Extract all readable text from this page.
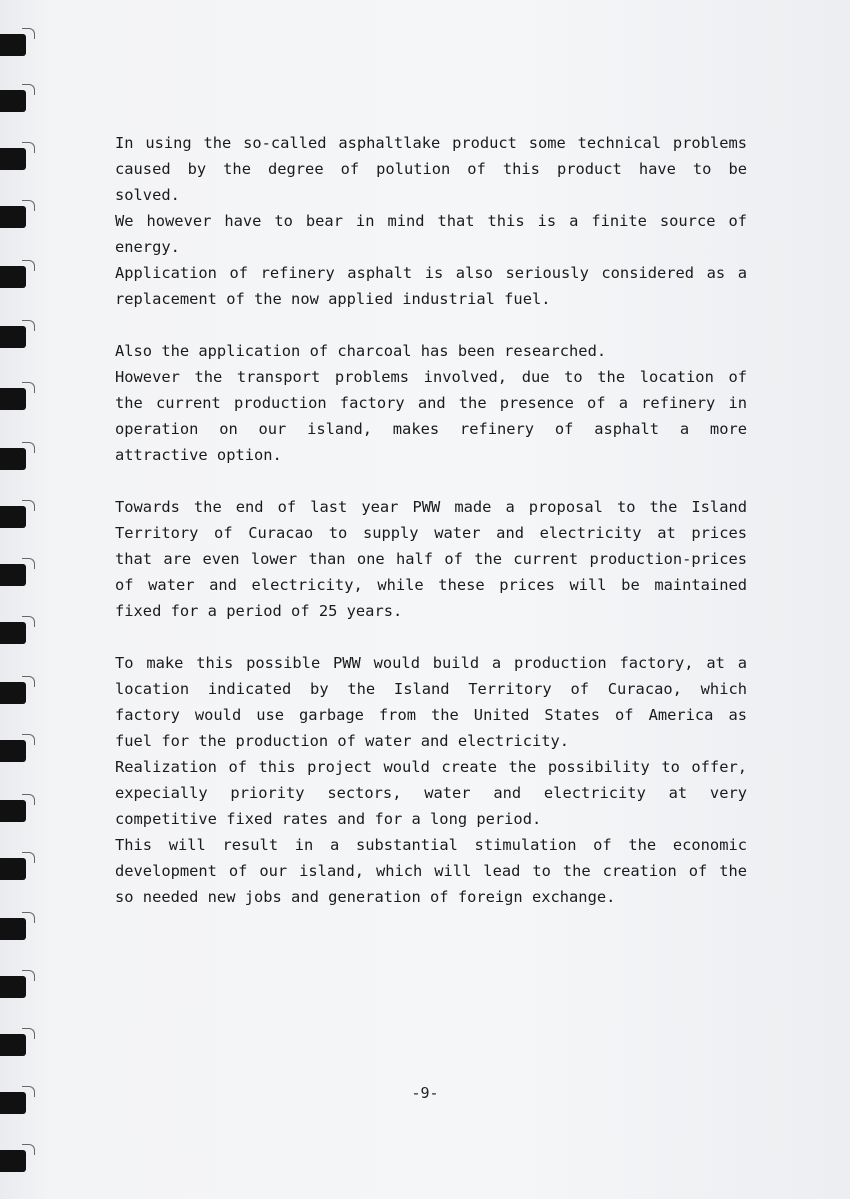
In using the so-called asphaltlake product some technical problems
caused by the degree of polution of this product have to be
solved.
We however have to bear in mind that this is a finite source of
energy.
Application of refinery asphalt is also seriously considered as a
replacement of the now applied industrial fuel.
Also the application of charcoal has been researched.
However the transport problems involved, due to the location of
the current production factory and the presence of a refinery in
operation on our island, makes refinery of asphalt a more
attractive option.
Towards the end of last year PWW made a proposal to the Island
Territory of Curacao to supply water and electricity at prices
that are even lower than one half of the current production-prices
of water and electricity, while these prices will be maintained
fixed for a period of 25 years.
To make this possible PWW would build a production factory, at a
location indicated by the Island Territory of Curacao, which
factory would use garbage from the United States of America as
fuel for the production of water and electricity.
Realization of this project would create the possibility to offer,
expecially priority sectors, water and electricity at very
competitive fixed rates and for a long period.
This will result in a substantial stimulation of the economic
development of our island, which will lead to the creation of the
so needed new jobs and generation of foreign exchange.
-9-
